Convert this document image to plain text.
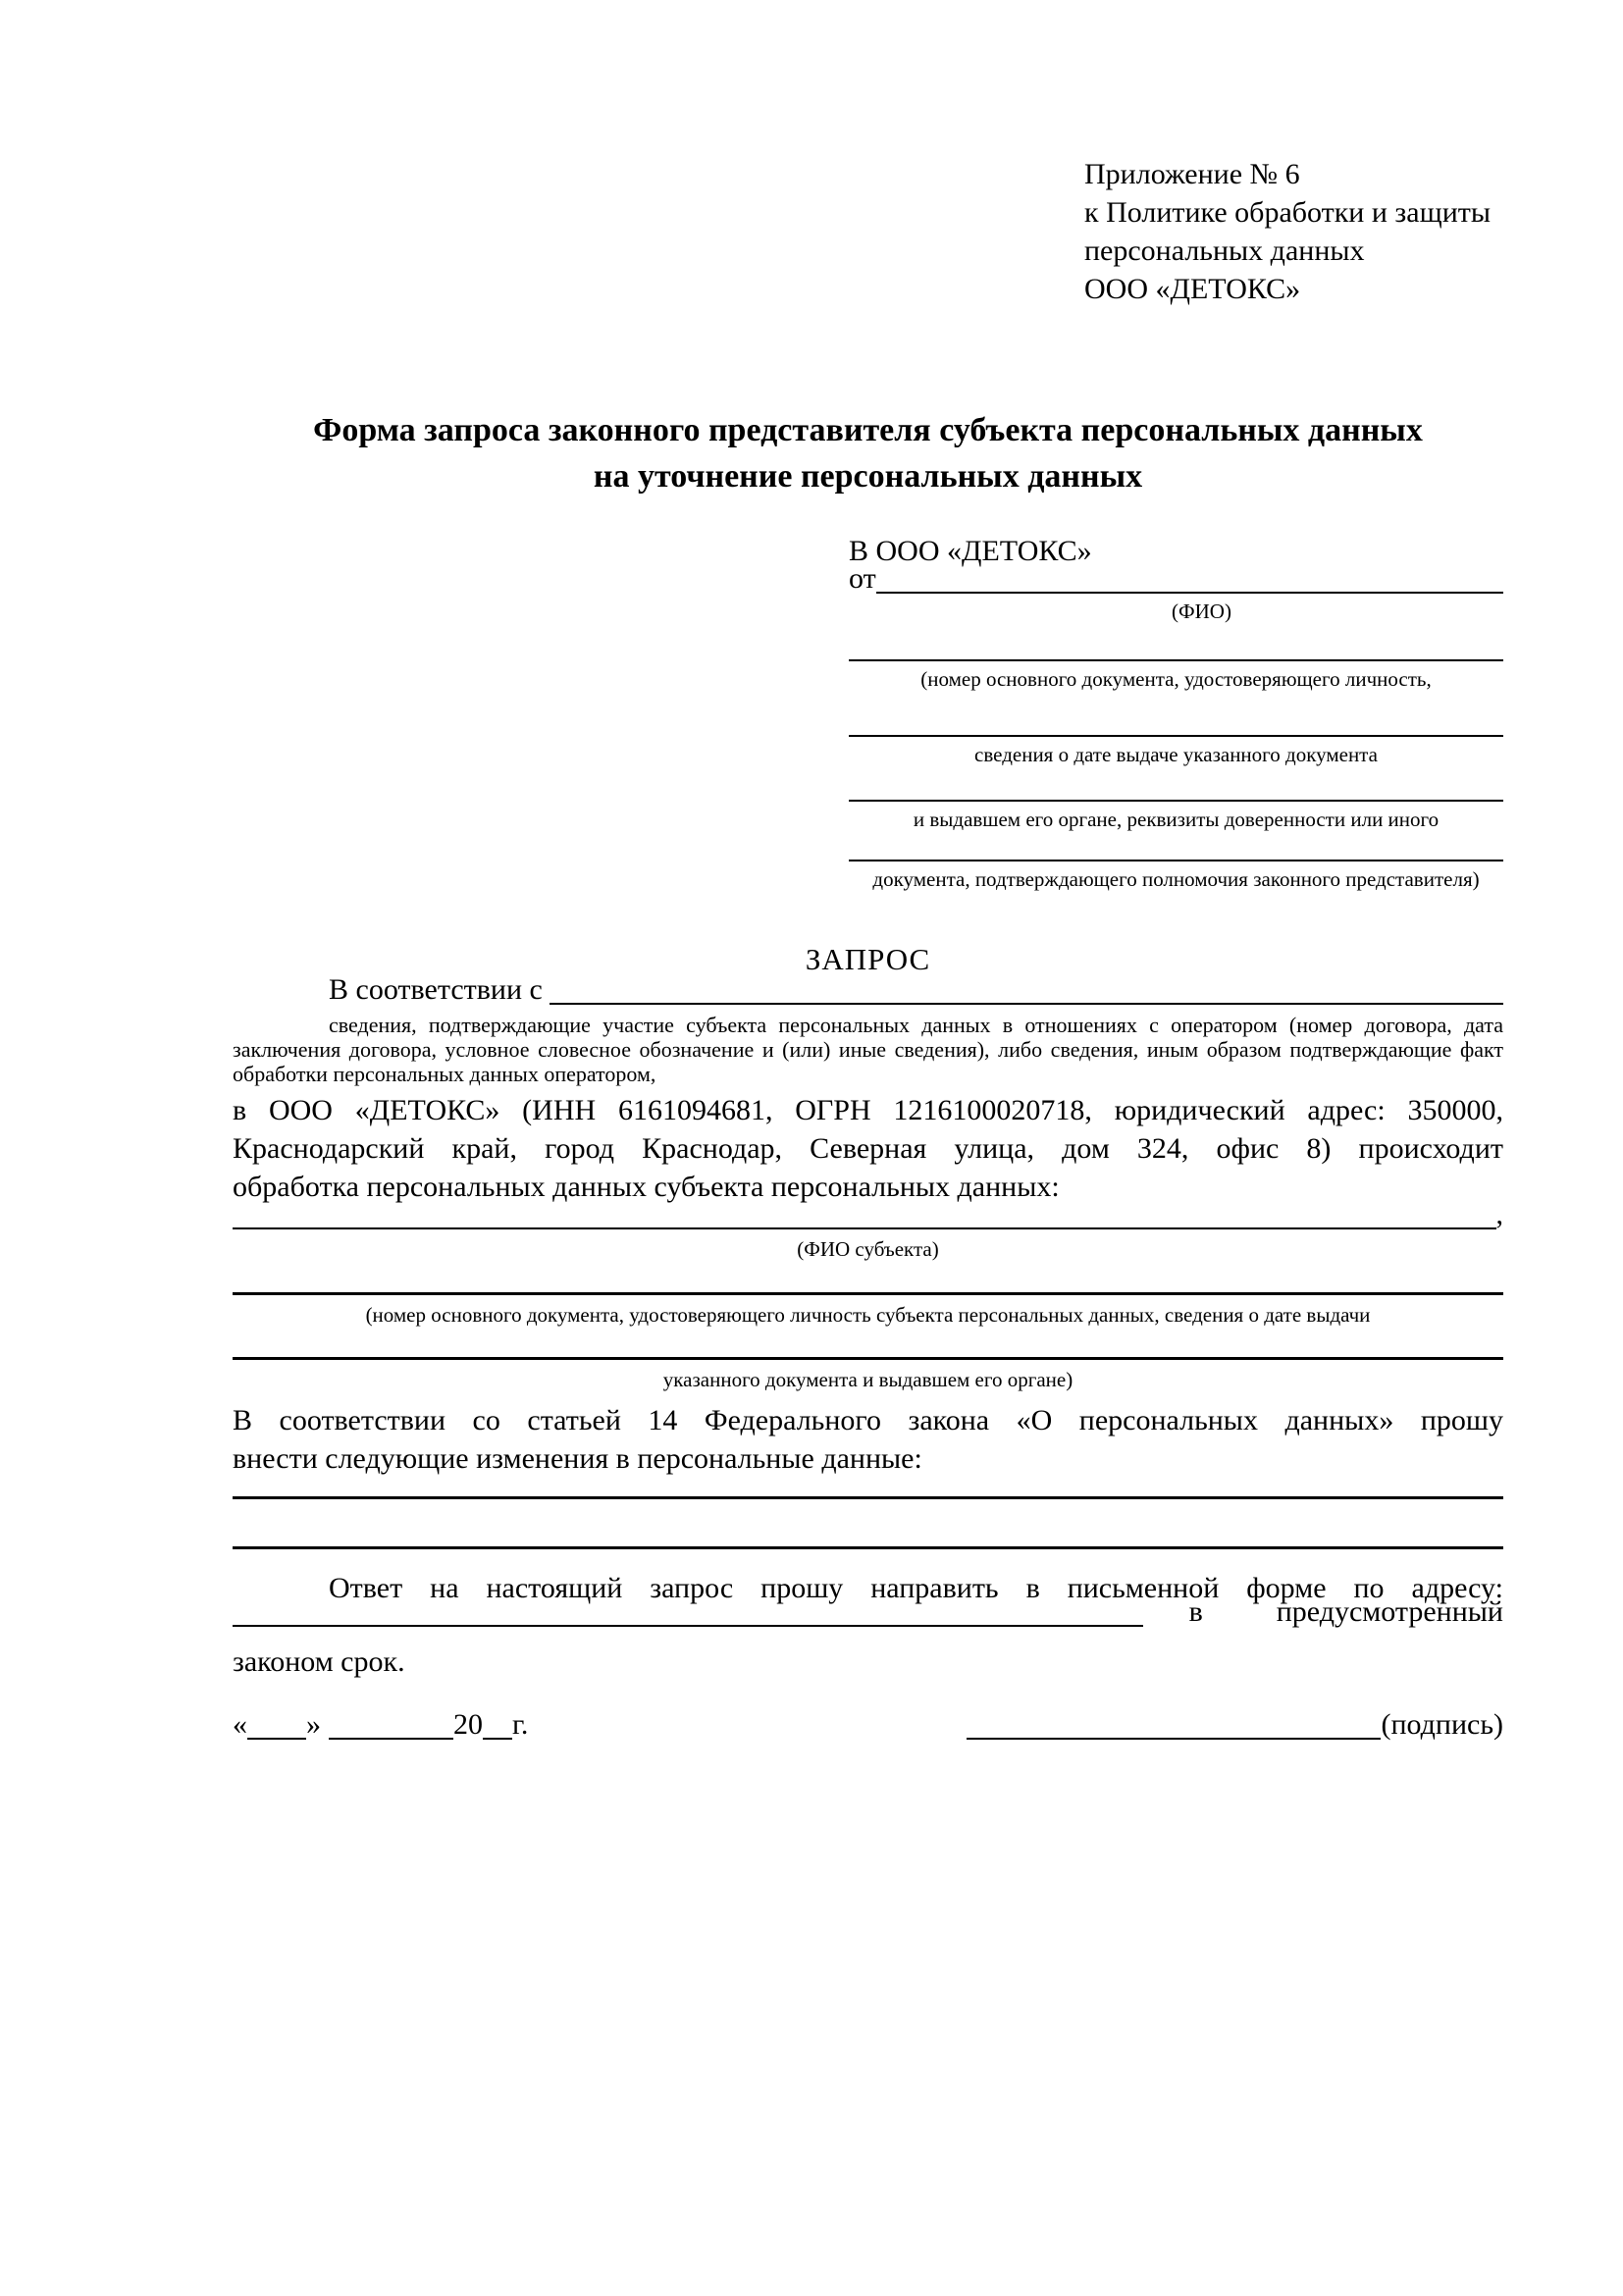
Приложение № 6
к Политике обработки и защиты
персональных данных
ООО «ДЕТОКС»
Форма запроса законного представителя субъекта персональных данных
на уточнение персональных данных
В ООО «ДЕТОКС»
от
(ФИО)
(номер основного документа, удостоверяющего личность,
сведения о дате выдаче указанного документа
и выдавшем его органе, реквизиты доверенности или иного
документа, подтверждающего полномочия законного представителя)
ЗАПРОС
В соответствии с
сведения, подтверждающие участие субъекта персональных данных в отношениях с оператором (номер договора, дата
заключения договора, условное словесное обозначение и (или) иные сведения), либо сведения, иным образом подтверждающие факт
обработки персональных данных оператором,
в ООО «ДЕТОКС» (ИНН 6161094681, ОГРН 1216100020718, юридический адрес: 350000,
Краснодарский край, город Краснодар, Северная улица, дом 324, офис 8) происходит
обработка персональных данных субъекта персональных данных:
,
(ФИО субъекта)
(номер основного документа, удостоверяющего личность субъекта персональных данных, сведения о дате выдачи
указанного документа и выдавшем его органе)
В соответствии со статьей 14 Федерального закона «О персональных данных» прошу
внести следующие изменения в персональные данные:
Ответ на настоящий запрос прошу направить в письменной форме по адресу:
в	предусмотренный
законом срок.
« »	20 г.	(подпись)
